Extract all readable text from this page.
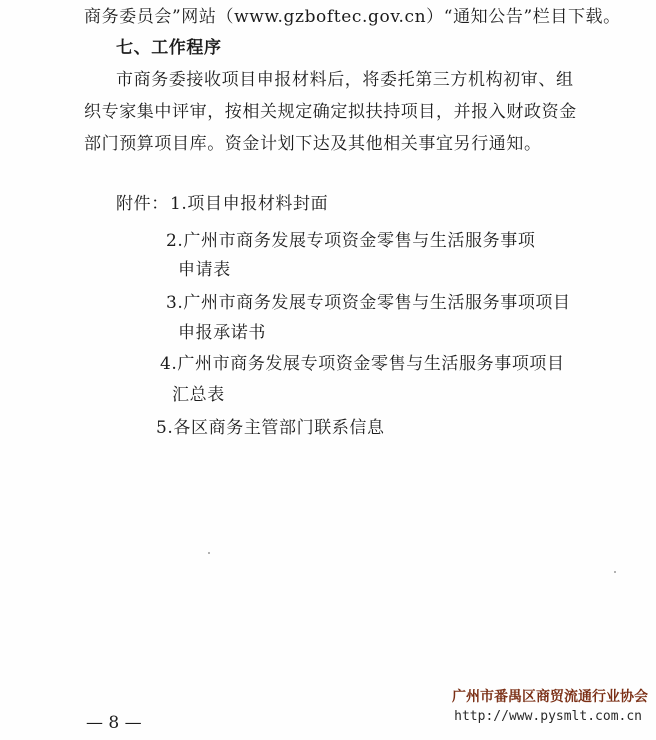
商务委员会”网站（www.gzboftec.gov.cn）“通知公告”栏目下载。
七、工作程序
市商务委接收项目申报材料后，将委托第三方机构初审、组
织专家集中评审，按相关规定确定拟扶持项目，并报入财政资金
部门预算项目库。资金计划下达及其他相关事宜另行通知。
附件： 1.项目申报材料封面
2.广州市商务发展专项资金零售与生活服务事项
申请表
3.广州市商务发展专项资金零售与生活服务事项项目
申报承诺书
4.广州市商务发展专项资金零售与生活服务事项项目
汇总表
5.各区商务主管部门联系信息
广州市番禺区商贸流通行业协会
http://www.pysmlt.com.cn
— 8 —
